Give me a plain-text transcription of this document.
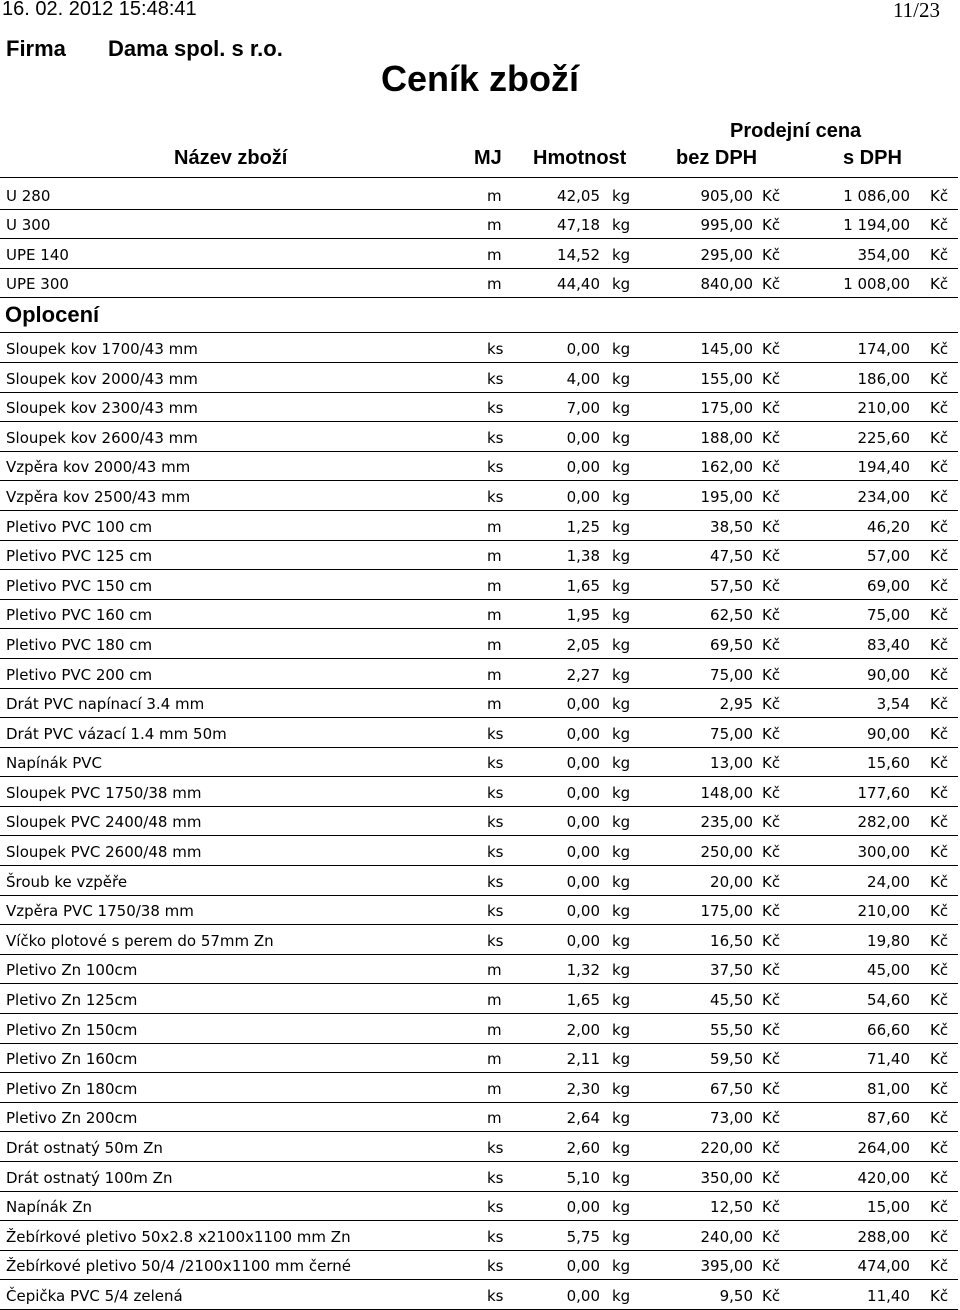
16. 02. 2012 15:48:41	11/23
Firma Dama spol. s r.o.
Ceník zboží
Prodejní cena
Název zboží	MJ Hmotnost bez DPH	s DPH
U 280	m	42,05 kg	905,00 Kč	1 086,00 Kč
U 300	m	47,18 kg	995,00 Kč	1 194,00 Kč
UPE 140	m	14,52 kg	295,00 Kč	354,00 Kč
UPE 300	m	44,40 kg	840,00 Kč	1 008,00 Kč
Oplocení
Sloupek kov 1700/43 mm	ks	0,00 kg	145,00 Kč	174,00 Kč
Sloupek kov 2000/43 mm	ks	4,00 kg	155,00 Kč	186,00 Kč
Sloupek kov 2300/43 mm	ks	7,00 kg	175,00 Kč	210,00 Kč
Sloupek kov 2600/43 mm	ks	0,00 kg	188,00 Kč	225,60 Kč
Vzpěra kov 2000/43 mm	ks	0,00 kg	162,00 Kč	194,40 Kč
Vzpěra kov 2500/43 mm	ks	0,00 kg	195,00 Kč	234,00 Kč
Pletivo PVC 100 cm	m	1,25 kg	38,50 Kč	46,20 Kč
Pletivo PVC 125 cm	m	1,38 kg	47,50 Kč	57,00 Kč
Pletivo PVC 150 cm	m	1,65 kg	57,50 Kč	69,00 Kč
Pletivo PVC 160 cm	m	1,95 kg	62,50 Kč	75,00 Kč
Pletivo PVC 180 cm	m	2,05 kg	69,50 Kč	83,40 Kč
Pletivo PVC 200 cm	m	2,27 kg	75,00 Kč	90,00 Kč
Drát PVC napínací 3.4 mm	m	0,00 kg	2,95 Kč	3,54 Kč
Drát PVC vázací 1.4 mm 50m	ks	0,00 kg	75,00 Kč	90,00 Kč
Napínák PVC	ks	0,00 kg	13,00 Kč	15,60 Kč
Sloupek PVC 1750/38 mm	ks	0,00 kg	148,00 Kč	177,60 Kč
Sloupek PVC 2400/48 mm	ks	0,00 kg	235,00 Kč	282,00 Kč
Sloupek PVC 2600/48 mm	ks	0,00 kg	250,00 Kč	300,00 Kč
Šroub ke vzpěře	ks	0,00 kg	20,00 Kč	24,00 Kč
Vzpěra PVC 1750/38 mm	ks	0,00 kg	175,00 Kč	210,00 Kč
Víčko plotové s perem do 57mm Zn	ks	0,00 kg	16,50 Kč	19,80 Kč
Pletivo Zn 100cm	m	1,32 kg	37,50 Kč	45,00 Kč
Pletivo Zn 125cm	m	1,65 kg	45,50 Kč	54,60 Kč
Pletivo Zn 150cm	m	2,00 kg	55,50 Kč	66,60 Kč
Pletivo Zn 160cm	m	2,11 kg	59,50 Kč	71,40 Kč
Pletivo Zn 180cm	m	2,30 kg	67,50 Kč	81,00 Kč
Pletivo Zn 200cm	m	2,64 kg	73,00 Kč	87,60 Kč
Drát ostnatý 50m Zn	ks	2,60 kg	220,00 Kč	264,00 Kč
Drát ostnatý 100m Zn	ks	5,10 kg	350,00 Kč	420,00 Kč
Napínák Zn	ks	0,00 kg	12,50 Kč	15,00 Kč
Žebírkové pletivo 50x2.8 x2100x1100 mm Zn	ks	5,75 kg	240,00 Kč	288,00 Kč
Žebírkové pletivo 50/4 /2100x1100 mm černé	ks	0,00 kg	395,00 Kč	474,00 Kč
Čepička PVC 5/4 zelená	ks	0,00 kg	9,50 Kč	11,40 Kč
